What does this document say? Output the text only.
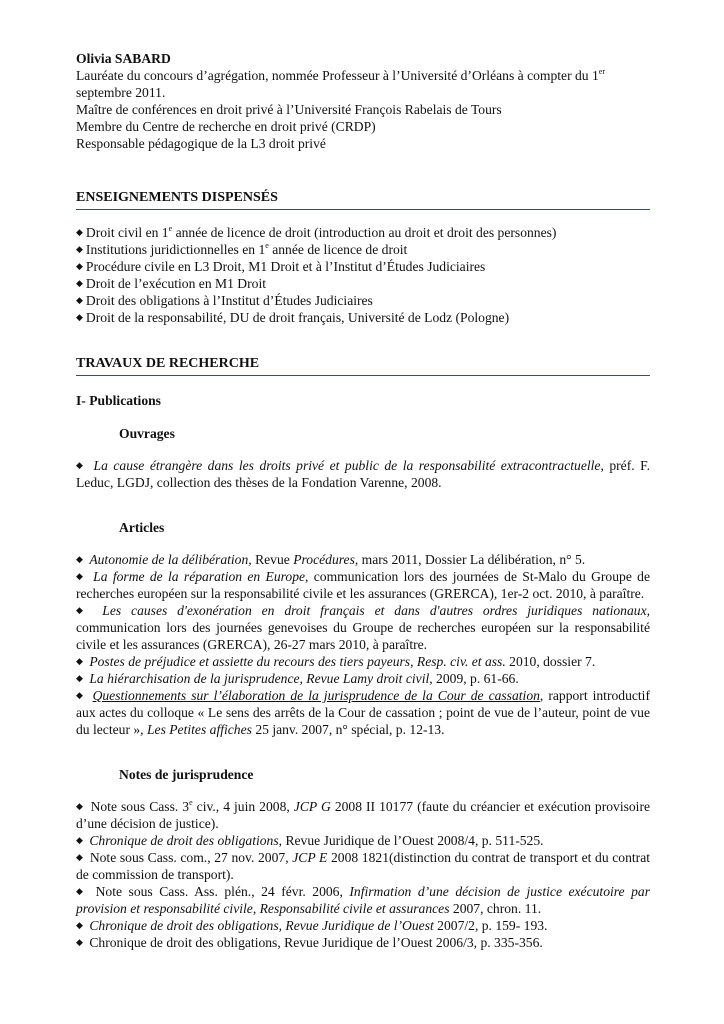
Olivia SABARD
Lauréate du concours d’agrégation, nommée Professeur à l’Université d’Orléans à compter du 1er
septembre 2011.
Maître de conférences en droit privé à l’Université François Rabelais de Tours
Membre du Centre de recherche en droit privé (CRDP)
Responsable pédagogique de la L3 droit privé
ENSEIGNEMENTS DISPENSÉS
◆ Droit civil en 1e année de licence de droit (introduction au droit et droit des personnes)
◆ Institutions juridictionnelles en 1e année de licence de droit
◆ Procédure civile en L3 Droit, M1 Droit et à l’Institut d’Études Judiciaires
◆ Droit de l’exécution en M1 Droit
◆ Droit des obligations à l’Institut d’Études Judiciaires
◆ Droit de la responsabilité, DU de droit français, Université de Lodz (Pologne)
TRAVAUX DE RECHERCHE
I- Publications
Ouvrages
◆ La cause étrangère dans les droits privé et public de la responsabilité extracontractuelle, préf. F. Leduc, LGDJ, collection des thèses de la Fondation Varenne, 2008.
Articles
◆ Autonomie de la délibération, Revue Procédures, mars 2011, Dossier La délibération, n° 5.
◆ La forme de la réparation en Europe, communication lors des journées de St-Malo du Groupe de recherches européen sur la responsabilité civile et les assurances (GRERCA), 1er-2 oct. 2010, à paraître.
◆ Les causes d'exonération en droit français et dans d'autres ordres juridiques nationaux, communication lors des journées genevoises du Groupe de recherches européen sur la responsabilité civile et les assurances (GRERCA), 26-27 mars 2010, à paraître.
◆ Postes de préjudice et assiette du recours des tiers payeurs, Resp. civ. et ass. 2010, dossier 7.
◆ La hiérarchisation de la jurisprudence, Revue Lamy droit civil, 2009, p. 61-66.
◆ Questionnements sur l’élaboration de la jurisprudence de la Cour de cassation, rapport introductif aux actes du colloque « Le sens des arrêts de la Cour de cassation ; point de vue de l’auteur, point de vue du lecteur », Les Petites affiches 25 janv. 2007, n° spécial, p. 12-13.
Notes de jurisprudence
◆ Note sous Cass. 3e civ., 4 juin 2008, JCP G 2008 II 10177 (faute du créancier et exécution provisoire d’une décision de justice).
◆ Chronique de droit des obligations, Revue Juridique de l’Ouest 2008/4, p. 511-525.
◆ Note sous Cass. com., 27 nov. 2007, JCP E 2008 1821(distinction du contrat de transport et du contrat de commission de transport).
◆ Note sous Cass. Ass. plén., 24 févr. 2006, Infirmation d’une décision de justice exécutoire par provision et responsabilité civile, Responsabilité civile et assurances 2007, chron. 11.
◆ Chronique de droit des obligations, Revue Juridique de l’Ouest 2007/2, p. 159- 193.
◆ Chronique de droit des obligations, Revue Juridique de l’Ouest 2006/3, p. 335-356.
